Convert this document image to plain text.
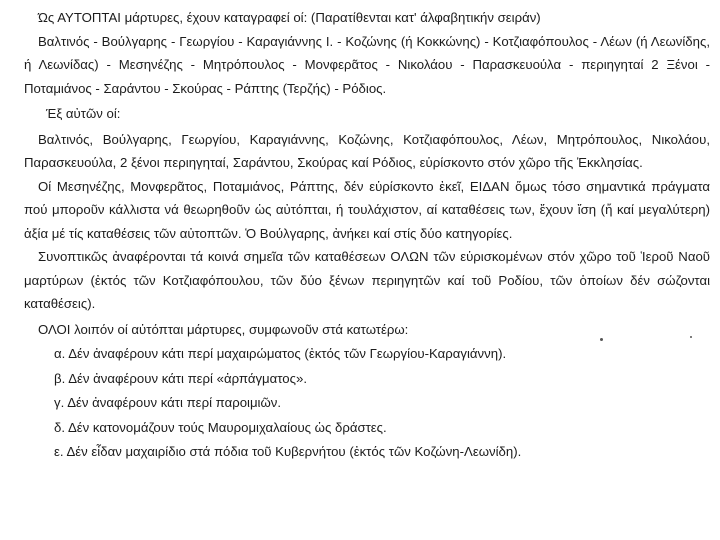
Ώς ΑΥΤΟΠΤΑΙ μάρτυρες, έχουν καταγραφεί οί: (Παρατίθενται κατ' άλφαβητικήν σειράν)

Βαλτινός - Βούλγαρης - Γεωργίου - Καραγιάννης Ι. - Κοζώνης (ή Κοκκώνης) - Κοτζιαφόπουλος - Λέων (ή Λεωνίδης, ή Λεωνίδας) - Μεσηνέζης - Μητρόπουλος - Μονφερᾶτος - Νικολάου - Παρασκευούλα - περιηγηταί 2 Ξένοι - Ποταμιάνος - Σαράντου - Σκούρας - Ράπτης (Τερζής) - Ρόδιος.

Έξ αὐτῶν οί:

Βαλτινός, Βούλγαρης, Γεωργίου, Καραγιάννης, Κοζώνης, Κοτζιαφόπουλος, Λέων, Μητρόπουλος, Νικολάου, Παρασκευούλα, 2 ξένοι περιηγηταί, Σαράντου, Σκούρας καί Ρόδιος, εὑρίσκοντο στόν χῶρο τῆς Ἐκκλησίας.

Οί Μεσηνέζης, Μονφερᾶτος, Ποταμιάνος, Ράπτης, δέν εὑρίσκοντο ἐκεῖ, ΕΙΔΑΝ ὅμως τόσο σημαντικά πράγματα πού μποροῦν κάλλιστα νά θεωρηθοῦν ὡς αὐτόπται, ή τουλάχιστον, αί καταθέσεις των, ἔχουν ἴση (ἤ καί μεγαλύτερη) ἀξία μέ τίς καταθέσεις τῶν αὐτοπτῶν. Ὁ Βούλγαρης, ἀνήκει καί στίς δύο κατηγορίες.

Συνοπτικῶς ἀναφέρονται τά κοινά σημεῖα τῶν καταθέσεων ΟΛΩΝ τῶν εὑρισκομένων στόν χῶρο τοῦ Ἱεροῦ Ναοῦ μαρτύρων (ἐκτός τῶν Κοτζιαφόπουλου, τῶν δύο ξένων περιηγητῶν καί τοῦ Ροδίου, τῶν ὁποίων δέν σώζονται καταθέσεις).

ΟΛΟΙ λοιπόν οί αὐτόπται μάρτυρες, συμφωνοῦν στά κατωτέρω:

α. Δέν ἀναφέρουν κάτι περί μαχαιρώματος (ἐκτός τῶν Γεωργίου-Καραγιάννη).

β. Δέν ἀναφέρουν κάτι περί «ἀρπάγματος».

γ. Δέν ἀναφέρουν κάτι περί παροιμιῶν.

δ. Δέν κατονομάζουν τούς Μαυρομιχαλαίους ὡς δράστες.

ε. Δέν εἶδαν μαχαιρίδιο στά πόδια τοῦ Κυβερνήτου (ἐκτός τῶν Κοζώνη-Λεωνίδη).
